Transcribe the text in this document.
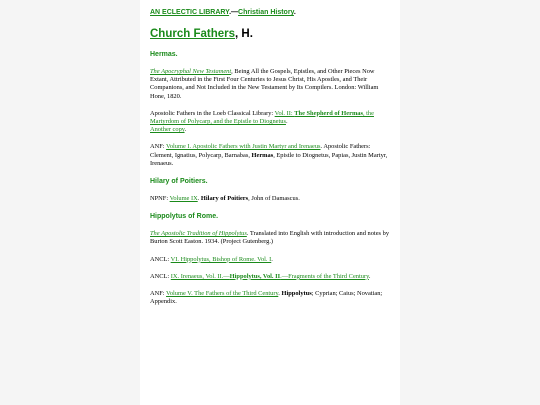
AN ECLECTIC LIBRARY.—Christian History.
Church Fathers, H.
Hermas.

The Apocryphal New Testament, Being All the Gospels, Epistles, and Other Pieces Now Extant, Attributed in the First Four Centuries to Jesus Christ, His Apostles, and Their Companions, and Not Included in the New Testament by Its Compilers. London: William Hone, 1820.

Apostolic Fathers in the Loeb Classical Library: Vol. II: The Shepherd of Hermas, the Martyrdom of Polycarp, and the Epistle to Diognetus.
Another copy.

ANF: Volume I. Apostolic Fathers with Justin Martyr and Irenaeus. Apostolic Fathers: Clement, Ignatius, Polycarp, Barnabas, Hermas, Epistle to Diognetus, Papias, Justin Martyr, Irenaeus.

Hilary of Poitiers.

NPNF: Volume IX. Hilary of Poitiers, John of Damascus.

Hippolytus of Rome.

The Apostolic Tradition of Hippolytus. Translated into English with introduction and notes by Burton Scott Easton. 1934. (Project Gutenberg.)

ANCL: VI. Hippolytus, Bishop of Rome. Vol. I.

ANCL: IX. Irenaeus, Vol. II.—Hippolytus, Vol. II.—Fragments of the Third Century.

ANF: Volume V. The Fathers of the Third Century. Hippolytus; Cyprian; Caius; Novatian; Appendix.
